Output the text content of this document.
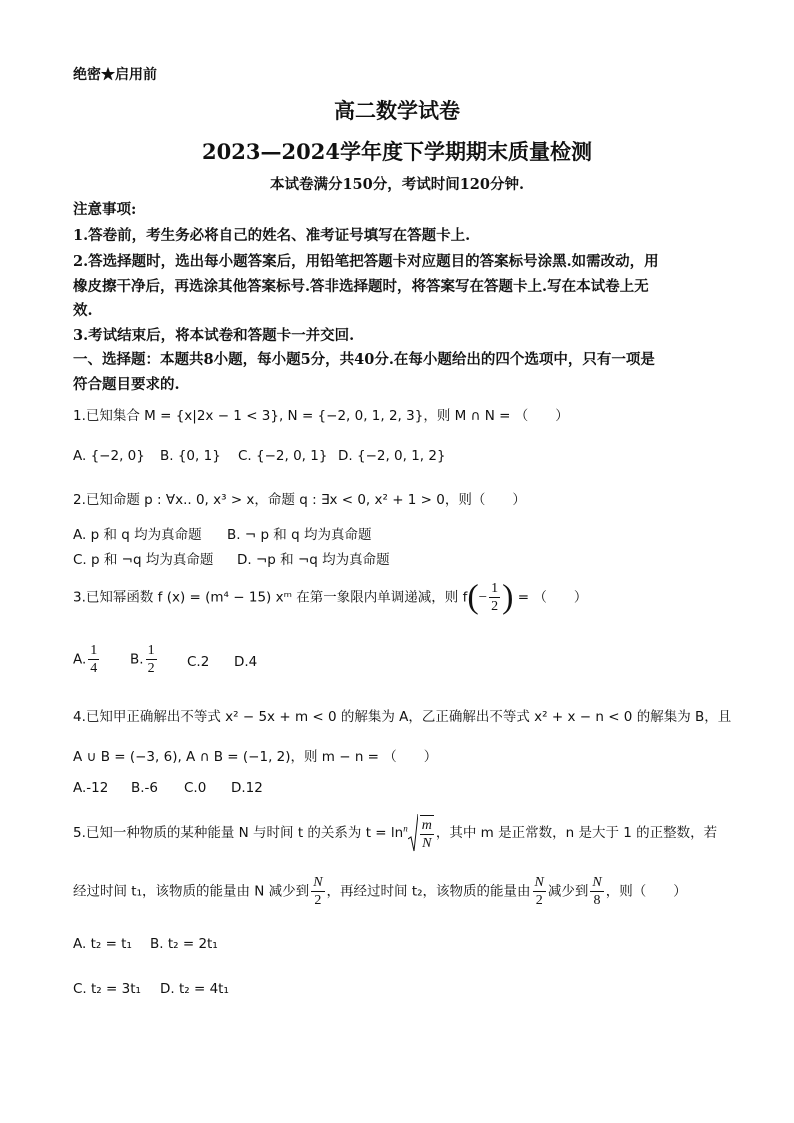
绝密★启用前
高二数学试卷
2023—2024学年度下学期期末质量检测
本试卷满分150分，考试时间120分钟.
注意事项:
1.答卷前，考生务必将自己的姓名、准考证号填写在答题卡上.
2.答选择题时，选出每小题答案后，用铅笔把答题卡对应题目的答案标号涂黑.如需改动，用
橡皮擦干净后，再选涂其他答案标号.答非选择题时，将答案写在答题卡上.写在本试卷上无
效.
3.考试结束后，将本试卷和答题卡一并交回.
一、选择题：本题共8小题，每小题5分，共40分.在每小题给出的四个选项中，只有一项是
符合题目要求的.
1.已知集合 M = {x|2x − 1 < 3}, N = {−2, 0, 1, 2, 3}，则 M ∩ N = （　　）
A. {−2, 0} B. {0, 1} C. {−2, 0, 1} D. {−2, 0, 1, 2}
2.已知命题 p : ∀x.. 0, x³ > x，命题 q : ∃x < 0, x² + 1 > 0，则（　　）
A. p 和 q 均为真命题 B. ¬ p 和 q 均为真命题
C. p 和 ¬q 均为真命题 D. ¬p 和 ¬q 均为真命题
3.已知幂函数 f (x) = (m⁴ − 15) xᵐ 在第一象限内单调递减，则 $f(- \frac{1}{2}$ ) = （　　）
A. $\frac{1}{4} B$. $\frac{1}{2} C.2$ D.4
4.已知甲正确解出不等式 x² − 5x + m < 0 的解集为 A，乙正确解出不等式 x² + x − n < 0 的解集为 B，且
A ∪ B = (−3, 6), A ∩ B = (−1, 2)，则 m − n = （　　）
A.-12 B.-6 C.0 D.12
5.已知一种物质的某种能量 N 与时间 t 的关系为 $t = \ln^n \frac{m}{N}$ ，其中 m 是正常数，n 是大于 1 的正整数，若
经过时间 t₁，该物质的能量由 N 减少到 $\frac{N}{2}$ ，再经过时间 t₂，该物质的能量由 $\frac{N}{2}$ 减少到 $\frac{N}{8}$ ，则（　　）
A. t₂ = t₁ B. t₂ = 2t₁
C. t₂ = 3t₁ D. t₂ = 4t₁
